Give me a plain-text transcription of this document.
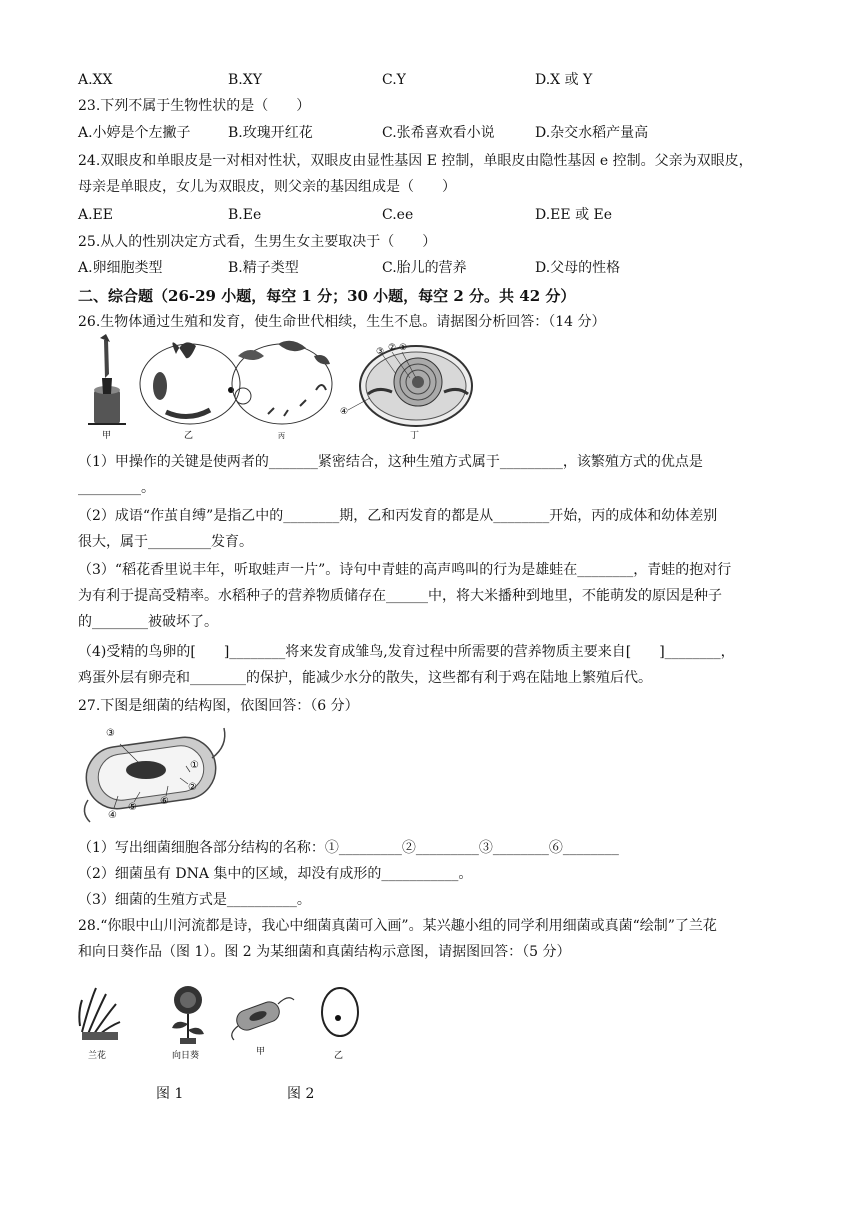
A.XX	B.XY	C.Y	D.X 或 Y
23.下列不属于生物性状的是（　　）
A.小婷是个左撇子	B.玫瑰开红花	C.张希喜欢看小说	D.杂交水稻产量高
24.双眼皮和单眼皮是一对相对性状，双眼皮由显性基因 E 控制，单眼皮由隐性基因 e 控制。父亲为双眼皮，
母亲是单眼皮，女儿为双眼皮，则父亲的基因组成是（　　）
A.EE	B.Ee	C.ee	D.EE 或 Ee
25.从人的性别决定方式看，生男生女主要取决于（　　）
A.卵细胞类型	B.精子类型	C.胎儿的营养	D.父母的性格
二、综合题（26-29 小题，每空 1 分；30 小题，每空 2 分。共 42 分）
26.生物体通过生殖和发育，使生命世代相续，生生不息。请据图分析回答：（14 分）
甲	乙	丙
③ ② ①
④
丁
（1）甲操作的关键是使两者的_______紧密结合，这种生殖方式属于_________，该繁殖方式的优点是
_________。
（2）成语“作茧自缚”是指乙中的________期，乙和丙发育的都是从________开始，丙的成体和幼体差别
很大，属于_________发育。
（3）“稻花香里说丰年，听取蛙声一片”。诗句中青蛙的高声鸣叫的行为是雄蛙在________，青蛙的抱对行
为有利于提高受精率。水稻种子的营养物质储存在______中，将大米播种到地里，不能萌发的原因是种子
的________被破坏了。
（4)受精的鸟卵的[　　]________将来发育成雏鸟,发育过程中所需要的营养物质主要来自[　　]________，
鸡蛋外层有卵壳和________的保护，能减少水分的散失，这些都有利于鸡在陆地上繁殖后代。
27.下图是细菌的结构图，依图回答：（6 分）
③
①
②
⑥
⑤
④
（1）写出细菌细胞各部分结构的名称：①_________②_________③________⑥________
（2）细菌虽有 DNA 集中的区域，却没有成形的___________。
（3）细菌的生殖方式是__________。
28.“你眼中山川河流都是诗，我心中细菌真菌可入画”。某兴趣小组的同学利用细菌或真菌“绘制”了兰花
和向日葵作品（图 1）。图 2 为某细菌和真菌结构示意图，请据图回答：（5 分）
兰花	向日葵	甲	乙
图 1	图 2
